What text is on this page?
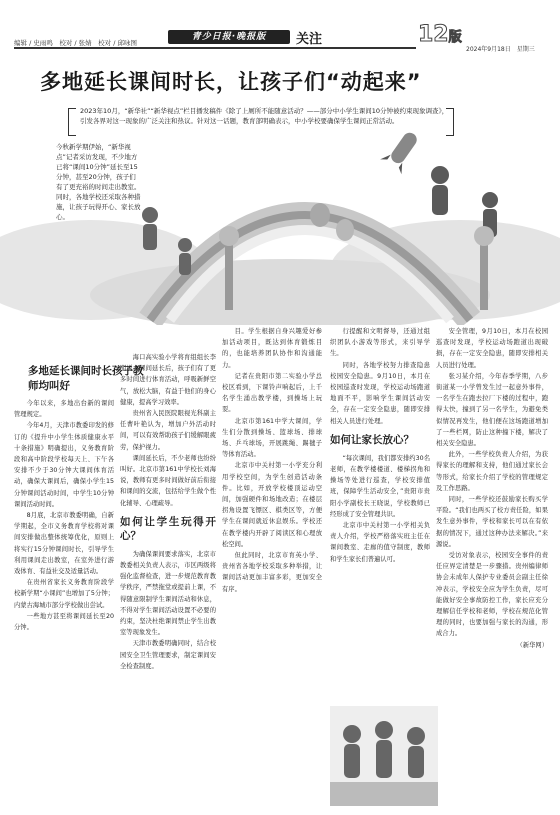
编辑 / 史雨鸣　校对 / 张婧　校对 / 邱咏图
青少日报·晚报版	关注	12版
2024年9月18日　星期三
多地延长课间时长，让孩子们“动起来”

2023年10月，“新华社”“新华视点”栏目播发稿件《除了上厕所不能随意活动？——部分中小学生课间10分钟被约束现象调查》，引发各界对这一现象的广泛关注和热议。针对这一话题，教育部明确表示，中小学校要确保学生课间正常活动。

今秋新学期伊始，“新华视点”记者采访发现，不少地方已将“课间10分钟”延长至15分钟，甚至20分钟，孩子们有了更充裕的时间走出教室。同时，各地学校还采取各种措施，让孩子玩得开心、家长放心。

多地延长课间时长孩子教师均叫好

今年以来，多地出台新的课间管理规定。

今年4月，天津市教委印发的修订的《提升中小学生体质健康水平十条措施》明确提出，义务教育阶段和高中阶段学校每天上、下午各安排不少于30分钟大课间体育活动，确保大课间后，确保小学生15分钟课间活动时间，中学生10分钟课间活动时间。

8月底，北京市教委明确，自新学期起，全市义务教育学校将对课间安排做出整体统筹优化，原则上将实行15分钟课间时长，引导学生利用课间走出教室，在室外进行游戏体育、有益社交及适量活动。

在贵州省家长义务教育阶段学校新学期“小课间”也增加了5分钟；内蒙古海城市部分学校做出尝试。

一些地方甚至将课间延长至20分钟。

海口高实验小学将育组组长李明说，课间延长后，孩子们有了更多时间进行体育活动，呼吸新鲜空气，放松大脑，有益于他们的身心健康，提高学习效率。

贵州省入民医院眼视光科副主任曹叶艳认为，增加户外活动时间，可以有效帮助孩子们缓解眼疲劳，保护视力。

课间延长后，不少老师也纷纷叫好。北京市第161中学校长刘海说，教师有更多时间做好前后衔接和课间的交流，包括给学生做个性化辅导、心理疏导。

如何让学生玩得开心？

为确保课间要求落实，北京市教委相关负责人表示，市区两级将强化监督检查，进一步规范教育教学秩序，严禁拖堂或提前上课，不得随意限制学生课间活动和休息，不得对学生课间活动设置不必要的约束，坚决杜绝课间禁止学生出教室等现象发生。

天津市教委明确同时，结合校园安全卫生管理要求，制定课间安全检查制度。

目。学生根据自身兴趣爱好参加活动项目，既达到体育锻炼目的，也能培养团队协作和沟通能力。

记者在贵阳市第二实验小学总校区看到，下课铃声响起后，上千名学生涌出教学楼，到操场上玩耍。

北京市第161中学大课间，学生们分散到操场、篮球场、排球场、乒乓球场，开展跳绳、踢毽子等体育活动。

北京市中关村第一小学充分利用学校空间，为学生创造活动条件。比如，开放学校楼顶运动空间，加强硬件和场地改造；在楼层拐角设置飞镖区、棋类区等，方便学生在课间就近休息娱乐。学校还在教学楼内开辟了阅读区和心理放松空间。

但此同时，北京市育英小学、贵州省各地学校采取多种举措，让课间活动更加丰富多彩，更加安全有序。

行提醒和文明督导，还通过组织团队小游戏等形式，来引导学生。

同时，各地学校努力排查隐患校园安全隐患。9月10日，本月在校园巡查时发现，学校运动场跑道地面不平，影响学生课间活动安全，存在一定安全隐患，随即安排相关人员进行处理。

如何让家长放心？

“每次课间，我们都安排约30名老师，在教学楼楼道、楼梯拐角和操场等处进行巡查，学校安排值班，保障学生活动安全，”贵阳市贵阳小学副校长王晓说，学校教师已经形成了安全管理共识。

北京市中关村第一小学相关负责人介绍，学校严格落实班主任在课间教室、走廊的值守制度，教师和学生家长们普遍认可。

安全管理，9月10日，本月在校园巡查时发现，学校运动场跑道出现破损，存在一定安全隐患，随即安排相关人员进行处理。

张习某介绍，今年春季学期，八步街道某一小学曾发生过一起意外事件，一名学生在跑去拉厂下楼的过程中，跑得太快，撞到了另一名学生，为避免类似情况再发生，他们便在这场跑道增加了一些栏网，防止这种撞下楼，解决了相关安全隐患。

此外，一些学校负责人介绍，为获得家长的理解和支持，他们通过家长会等形式，给家长介绍了学校的管理规定及工作思路。

同时，一些学校还鼓励家长购买学平险。“我们也两买了校方责任险，如果发生意外事件，学校和家长可以在有依据的情况下，通过这种办法来解决。”来源说。

受访对象表示，校园安全事件的责任应界定清楚是一步骤措。贵州编律师协会未成年人保护专业委员会副主任徐冲表示，学校安全应为学生负责，尽可能做好安全事故防控工作，家长应充分理解信任学校和老师，学校在规范化管理的同时，也要加强与家长的沟通，形成合力。

（新华网）
